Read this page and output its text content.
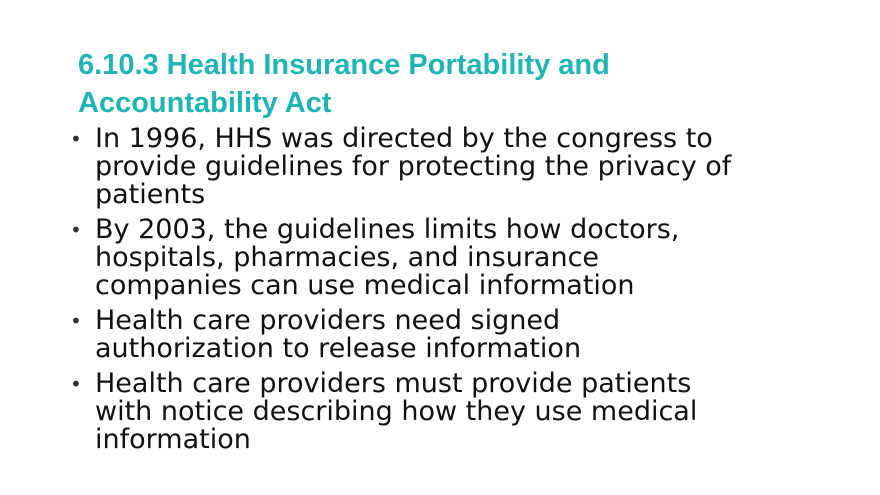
6.10.3 Health Insurance Portability and
Accountability Act
• In 1996, HHS was directed by the congress to
provide guidelines for protecting the privacy of
patients
• By 2003, the guidelines limits how doctors,
hospitals, pharmacies, and insurance
companies can use medical information
• Health care providers need signed
authorization to release information
• Health care providers must provide patients
with notice describing how they use medical
information
